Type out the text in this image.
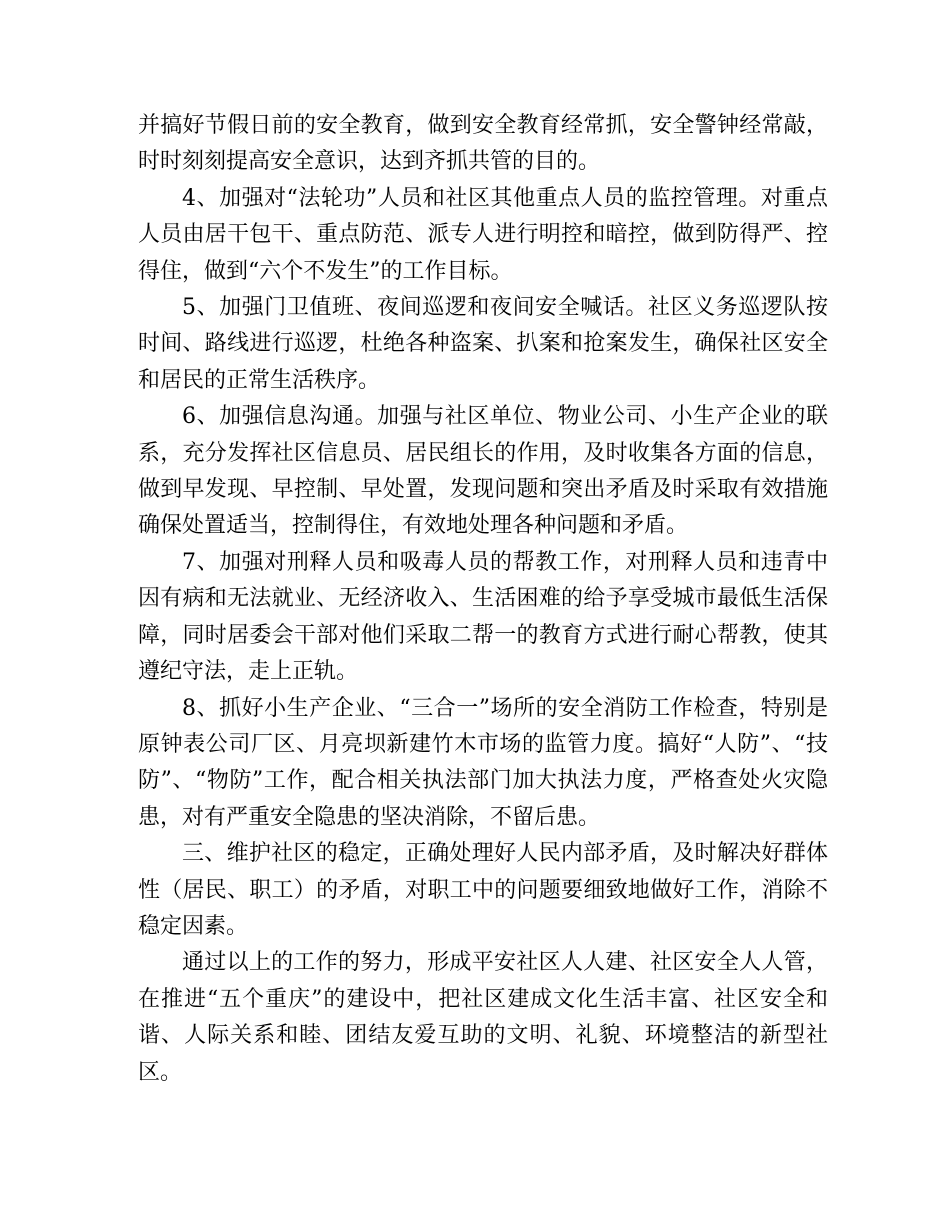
并搞好节假日前的安全教育，做到安全教育经常抓，安全警钟经常敲，时时刻刻提高安全意识，达到齐抓共管的目的。

4、加强对“法轮功”人员和社区其他重点人员的监控管理。对重点人员由居干包干、重点防范、派专人进行明控和暗控，做到防得严、控得住，做到“六个不发生”的工作目标。

5、加强门卫值班、夜间巡逻和夜间安全喊话。社区义务巡逻队按时间、路线进行巡逻，杜绝各种盗案、扒案和抢案发生，确保社区安全和居民的正常生活秩序。

6、加强信息沟通。加强与社区单位、物业公司、小生产企业的联系，充分发挥社区信息员、居民组长的作用，及时收集各方面的信息，做到早发现、早控制、早处置，发现问题和突出矛盾及时采取有效措施确保处置适当，控制得住，有效地处理各种问题和矛盾。

7、加强对刑释人员和吸毒人员的帮教工作，对刑释人员和违青中因有病和无法就业、无经济收入、生活困难的给予享受城市最低生活保障，同时居委会干部对他们采取二帮一的教育方式进行耐心帮教，使其遵纪守法，走上正轨。

8、抓好小生产企业、“三合一”场所的安全消防工作检查，特别是原钟表公司厂区、月亮坝新建竹木市场的监管力度。搞好“人防”、“技防”、“物防”工作，配合相关执法部门加大执法力度，严格查处火灾隐患，对有严重安全隐患的坚决消除，不留后患。

三、维护社区的稳定，正确处理好人民内部矛盾，及时解决好群体性（居民、职工）的矛盾，对职工中的问题要细致地做好工作，消除不稳定因素。

通过以上的工作的努力，形成平安社区人人建、社区安全人人管，在推进“五个重庆”的建设中，把社区建成文化生活丰富、社区安全和谐、人际关系和睦、团结友爱互助的文明、礼貌、环境整洁的新型社区。
